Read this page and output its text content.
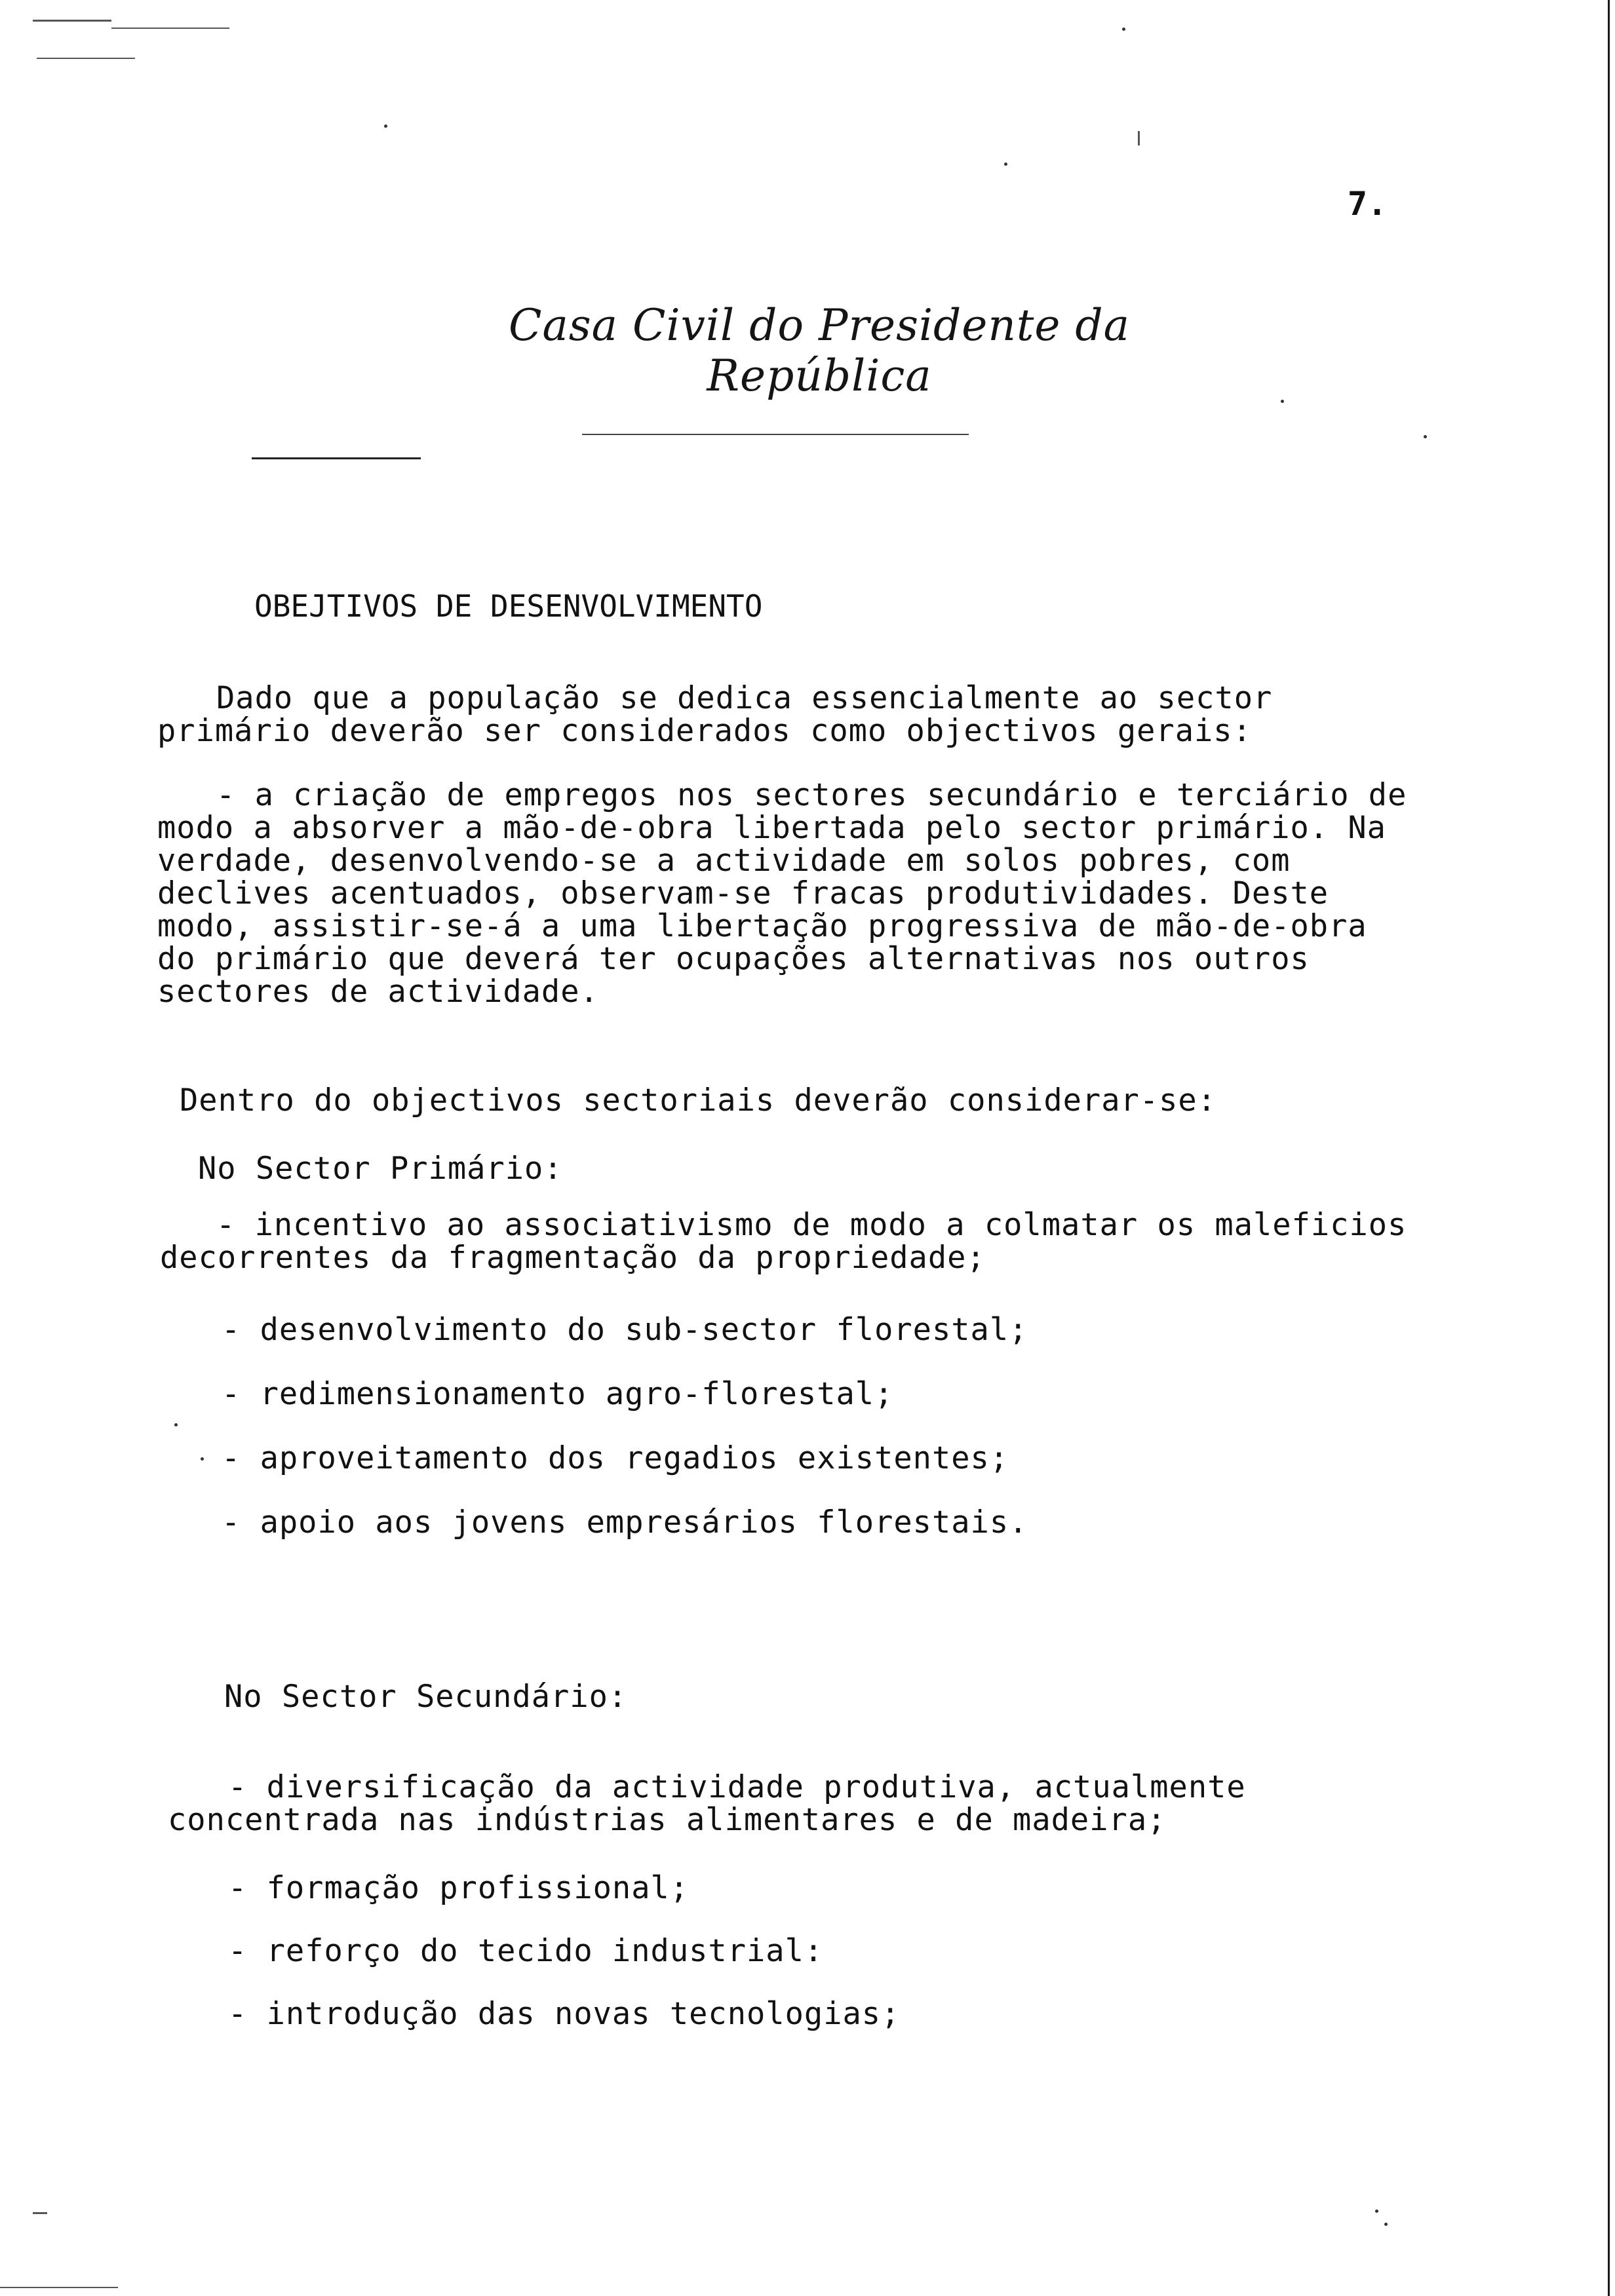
7.
Casa Civil do Presidente da República
OBEJTIVOS DE DESENVOLVIMENTO
Dado que a população se dedica essencialmente ao sector
primário deverão ser considerados como objectivos gerais:
- a criação de empregos nos sectores secundário e terciário de
modo a absorver a mão-de-obra libertada pelo sector primário. Na
verdade, desenvolvendo-se a actividade em solos pobres, com
declives acentuados, observam-se fracas produtividades. Deste
modo, assistir-se-á a uma libertação progressiva de mão-de-obra
do primário que deverá ter ocupações alternativas nos outros
sectores de actividade.
Dentro do objectivos sectoriais deverão considerar-se:
No Sector Primário:
- incentivo ao associativismo de modo a colmatar os maleficios
decorrentes da fragmentação da propriedade;
- desenvolvimento do sub-sector florestal;
- redimensionamento agro-florestal;
- aproveitamento dos regadios existentes;
- apoio aos jovens empresários florestais.
No Sector Secundário:
- diversificação da actividade produtiva, actualmente
concentrada nas indústrias alimentares e de madeira;
- formação profissional;
- reforço do tecido industrial:
- introdução das novas tecnologias;
